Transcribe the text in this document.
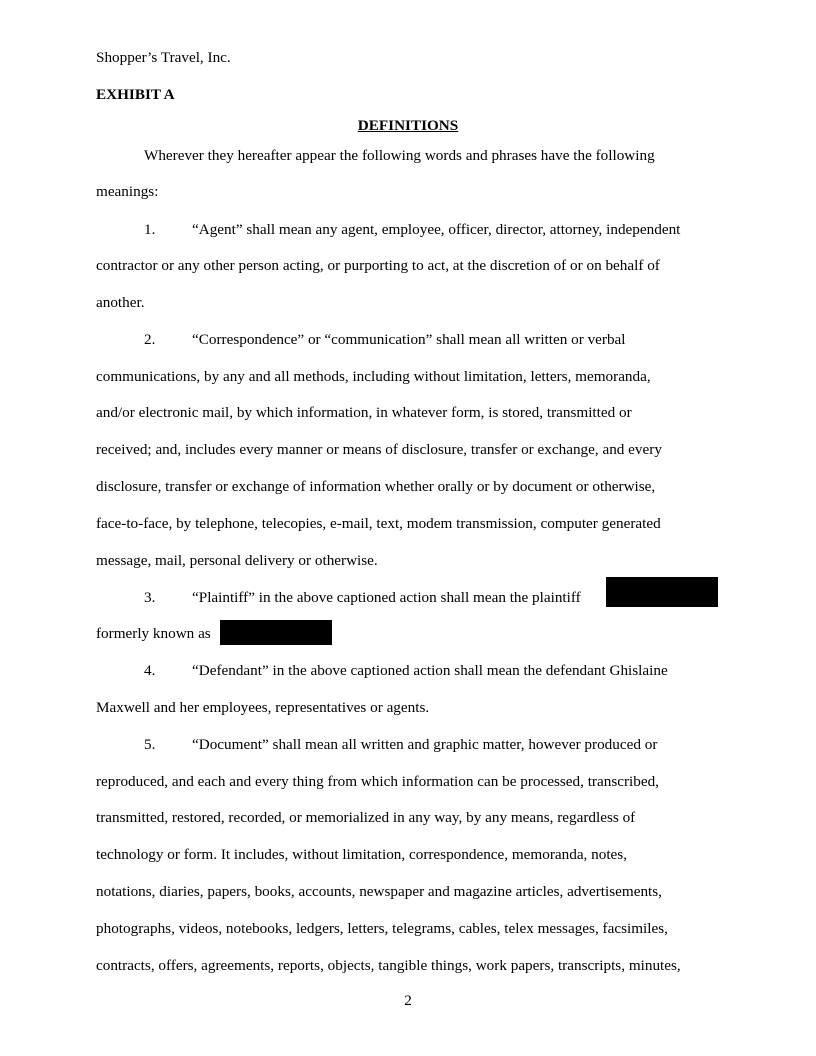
Shopper’s Travel, Inc.
EXHIBIT A
DEFINITIONS
Wherever they hereafter appear the following words and phrases have the following
meanings:
1. “Agent” shall mean any agent, employee, officer, director, attorney, independent
contractor or any other person acting, or purporting to act, at the discretion of or on behalf of
another.
2. “Correspondence” or “communication” shall mean all written or verbal
communications, by any and all methods, including without limitation, letters, memoranda,
and/or electronic mail, by which information, in whatever form, is stored, transmitted or
received; and, includes every manner or means of disclosure, transfer or exchange, and every
disclosure, transfer or exchange of information whether orally or by document or otherwise,
face-to-face, by telephone, telecopies, e-mail, text, modem transmission, computer generated
message, mail, personal delivery or otherwise.
3. “Plaintiff” in the above captioned action shall mean the plaintiff
formerly known as
4. “Defendant” in the above captioned action shall mean the defendant Ghislaine
Maxwell and her employees, representatives or agents.
5. “Document” shall mean all written and graphic matter, however produced or
reproduced, and each and every thing from which information can be processed, transcribed,
transmitted, restored, recorded, or memorialized in any way, by any means, regardless of
technology or form. It includes, without limitation, correspondence, memoranda, notes,
notations, diaries, papers, books, accounts, newspaper and magazine articles, advertisements,
photographs, videos, notebooks, ledgers, letters, telegrams, cables, telex messages, facsimiles,
contracts, offers, agreements, reports, objects, tangible things, work papers, transcripts, minutes,
2
